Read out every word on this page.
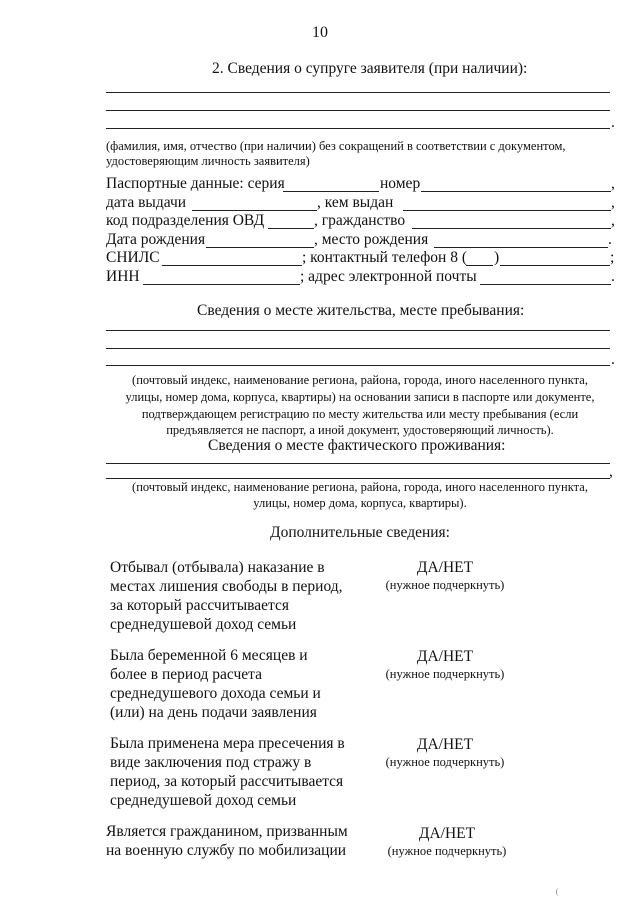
10
2. Сведения о супруге заявителя (при наличии):
.
(фамилия, имя, отчество (при наличии) без сокращений в соответствии с документом,
удостоверяющим личность заявителя)
Паспортные данные: серия	номер	,
дата выдачи	, кем выдан	,
код подразделения ОВД	, гражданство	,
Дата рождения	, место рождения	.
СНИЛС	; контактный телефон 8 ( )	;
ИНН	; адрес электронной почты	.
Сведения о месте жительства, месте пребывания:
.
(почтовый индекс, наименование региона, района, города, иного населенного пункта,
улицы, номер дома, корпуса, квартиры) на основании записи в паспорте или документе,
подтверждающем регистрацию по месту жительства или месту пребывания (если
предъявляется не паспорт, а иной документ, удостоверяющий личность).
Сведения о месте фактического проживания:
,
(почтовый индекс, наименование региона, района, города, иного населенного пункта,
улицы, номер дома, корпуса, квартиры).
Дополнительные сведения:
Отбывал (отбывала) наказание в
местах лишения свободы в период,
за который рассчитывается
среднедушевой доход семьи
ДА/НЕТ
(нужное подчеркнуть)
Была беременной 6 месяцев и
более в период расчета
среднедушевого дохода семьи и
(или) на день подачи заявления
ДА/НЕТ
(нужное подчеркнуть)
Была применена мера пресечения в
виде заключения под стражу в
период, за который рассчитывается
среднедушевой доход семьи
ДА/НЕТ
(нужное подчеркнуть)
Является гражданином, призванным
на военную службу по мобилизации
ДА/НЕТ
(нужное подчеркнуть)
